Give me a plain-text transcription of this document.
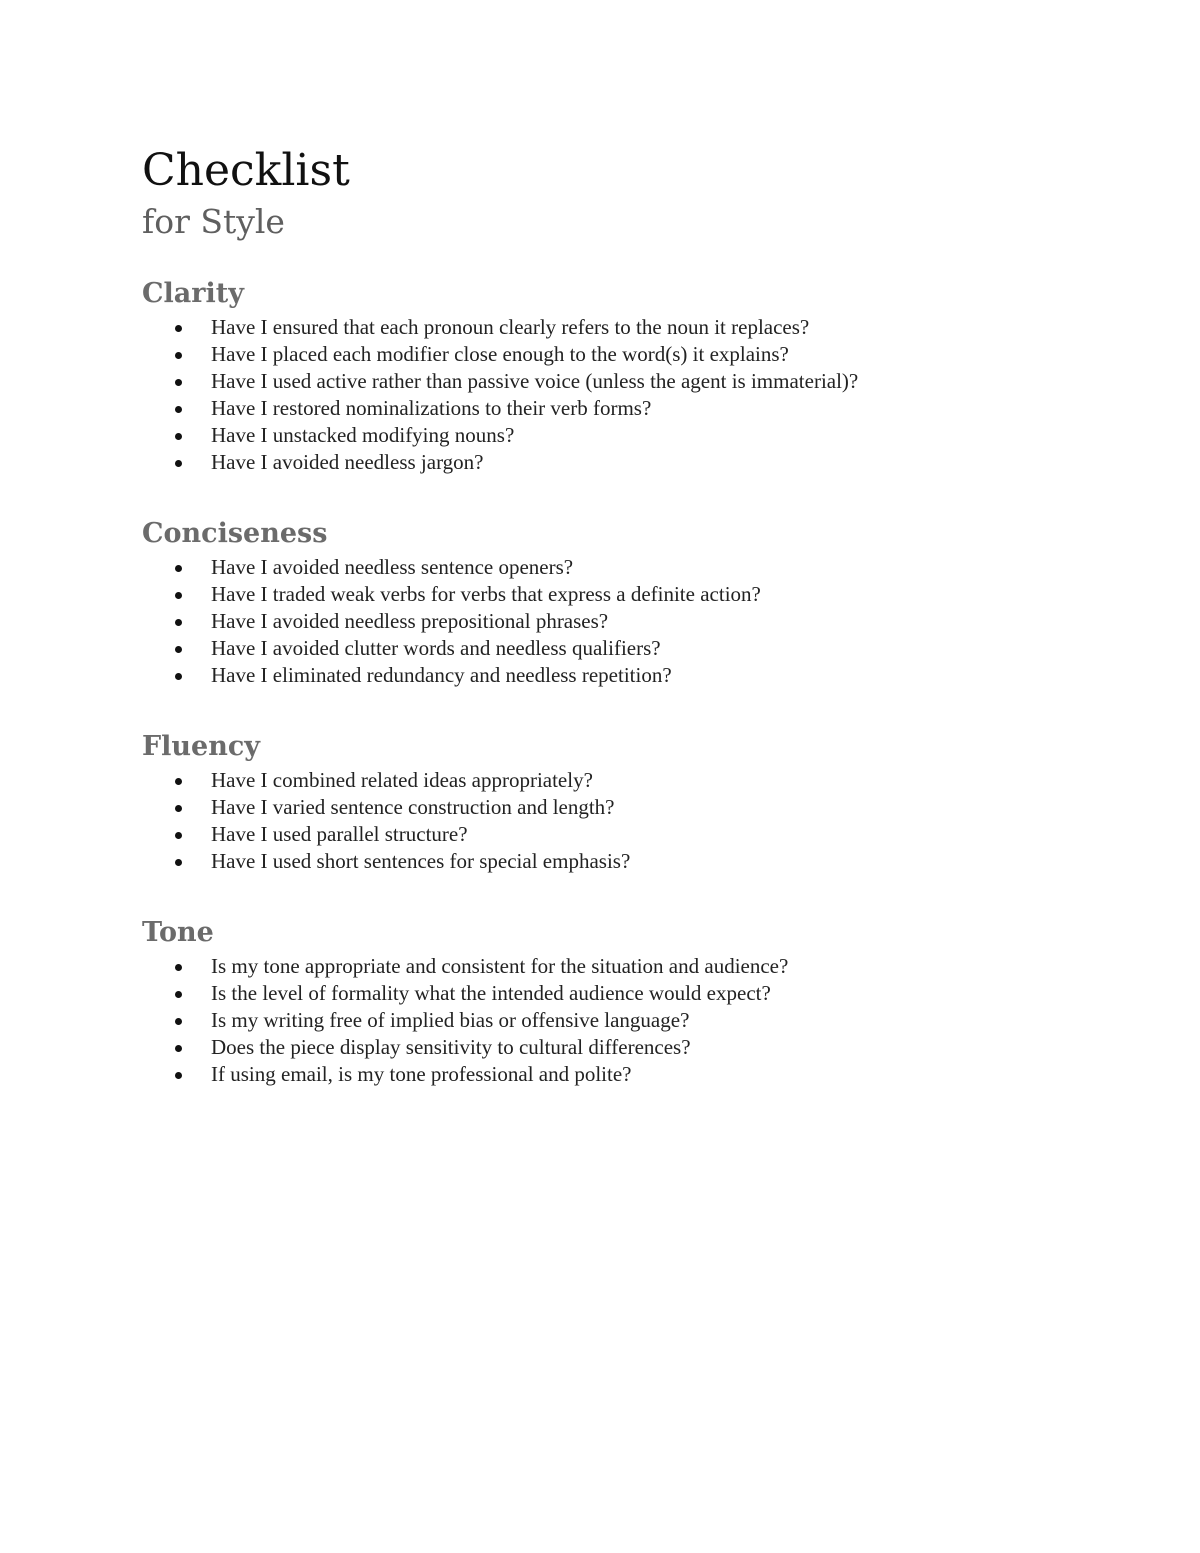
Checklist
for Style
Clarity
Have I ensured that each pronoun clearly refers to the noun it replaces?
Have I placed each modifier close enough to the word(s) it explains?
Have I used active rather than passive voice (unless the agent is immaterial)?
Have I restored nominalizations to their verb forms?
Have I unstacked modifying nouns?
Have I avoided needless jargon?
Conciseness
Have I avoided needless sentence openers?
Have I traded weak verbs for verbs that express a definite action?
Have I avoided needless prepositional phrases?
Have I avoided clutter words and needless qualifiers?
Have I eliminated redundancy and needless repetition?
Fluency
Have I combined related ideas appropriately?
Have I varied sentence construction and length?
Have I used parallel structure?
Have I used short sentences for special emphasis?
Tone
Is my tone appropriate and consistent for the situation and audience?
Is the level of formality what the intended audience would expect?
Is my writing free of implied bias or offensive language?
Does the piece display sensitivity to cultural differences?
If using email, is my tone professional and polite?
